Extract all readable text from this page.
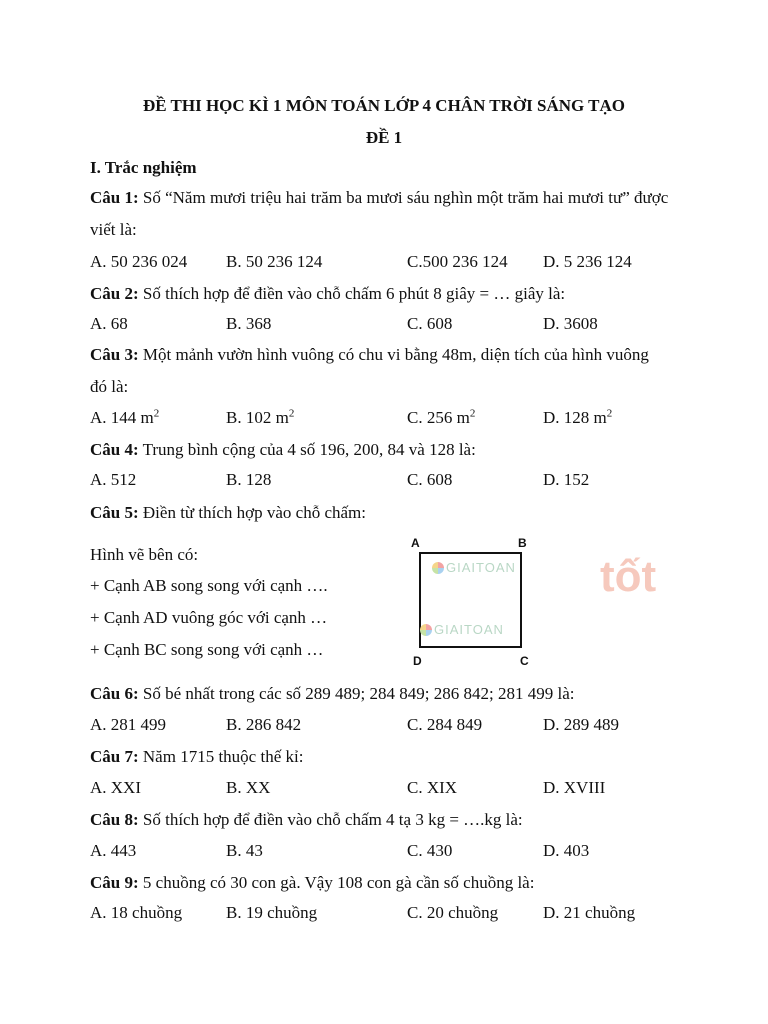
ĐỀ THI HỌC KÌ 1 MÔN TOÁN LỚP 4 CHÂN TRỜI SÁNG TẠO
ĐỀ 1
I. Trắc nghiệm
Câu 1: Số “Năm mươi triệu hai trăm ba mươi sáu nghìn một trăm hai mươi tư” được
viết là:
A. 50 236 024 B. 50 236 124	C.500 236 124 D. 5 236 124
Câu 2: Số thích hợp để điền vào chỗ chấm 6 phút 8 giây = … giây là:
A. 68	B. 368	C. 608	D. 3608
Câu 3: Một mảnh vườn hình vuông có chu vi bằng 48m, diện tích của hình vuông
đó là:
A. 144 $m^2$	B. 102 $m^2$	C. 256 $m^2$	D. 128 $m^2$
Câu 4: Trung bình cộng của 4 số 196, 200, 84 và 128 là:
A. 512	B. 128	C. 608	D. 152
Câu 5: Điền từ thích hợp vào chỗ chấm:
Hình vẽ bên có:
+ Cạnh AB song song với cạnh ….
+ Cạnh AD vuông góc với cạnh …
+ Cạnh BC song song với cạnh …
A	B
D	C
GIAITOAN
GIAITOAN
tốt
Câu 6: Số bé nhất trong các số 289 489; 284 849; 286 842; 281 499 là:
A. 281 499	B. 286 842	C. 284 849	D. 289 489
Câu 7: Năm 1715 thuộc thế kỉ:
A. XXI	B. XX	C. XIX	D. XVIII
Câu 8: Số thích hợp để điền vào chỗ chấm 4 tạ 3 kg = ….kg là:
A. 443	B. 43	C. 430	D. 403
Câu 9: 5 chuồng có 30 con gà. Vậy 108 con gà cần số chuồng là:
A. 18 chuồng	B. 19 chuồng	C. 20 chuồng	D. 21 chuồng
